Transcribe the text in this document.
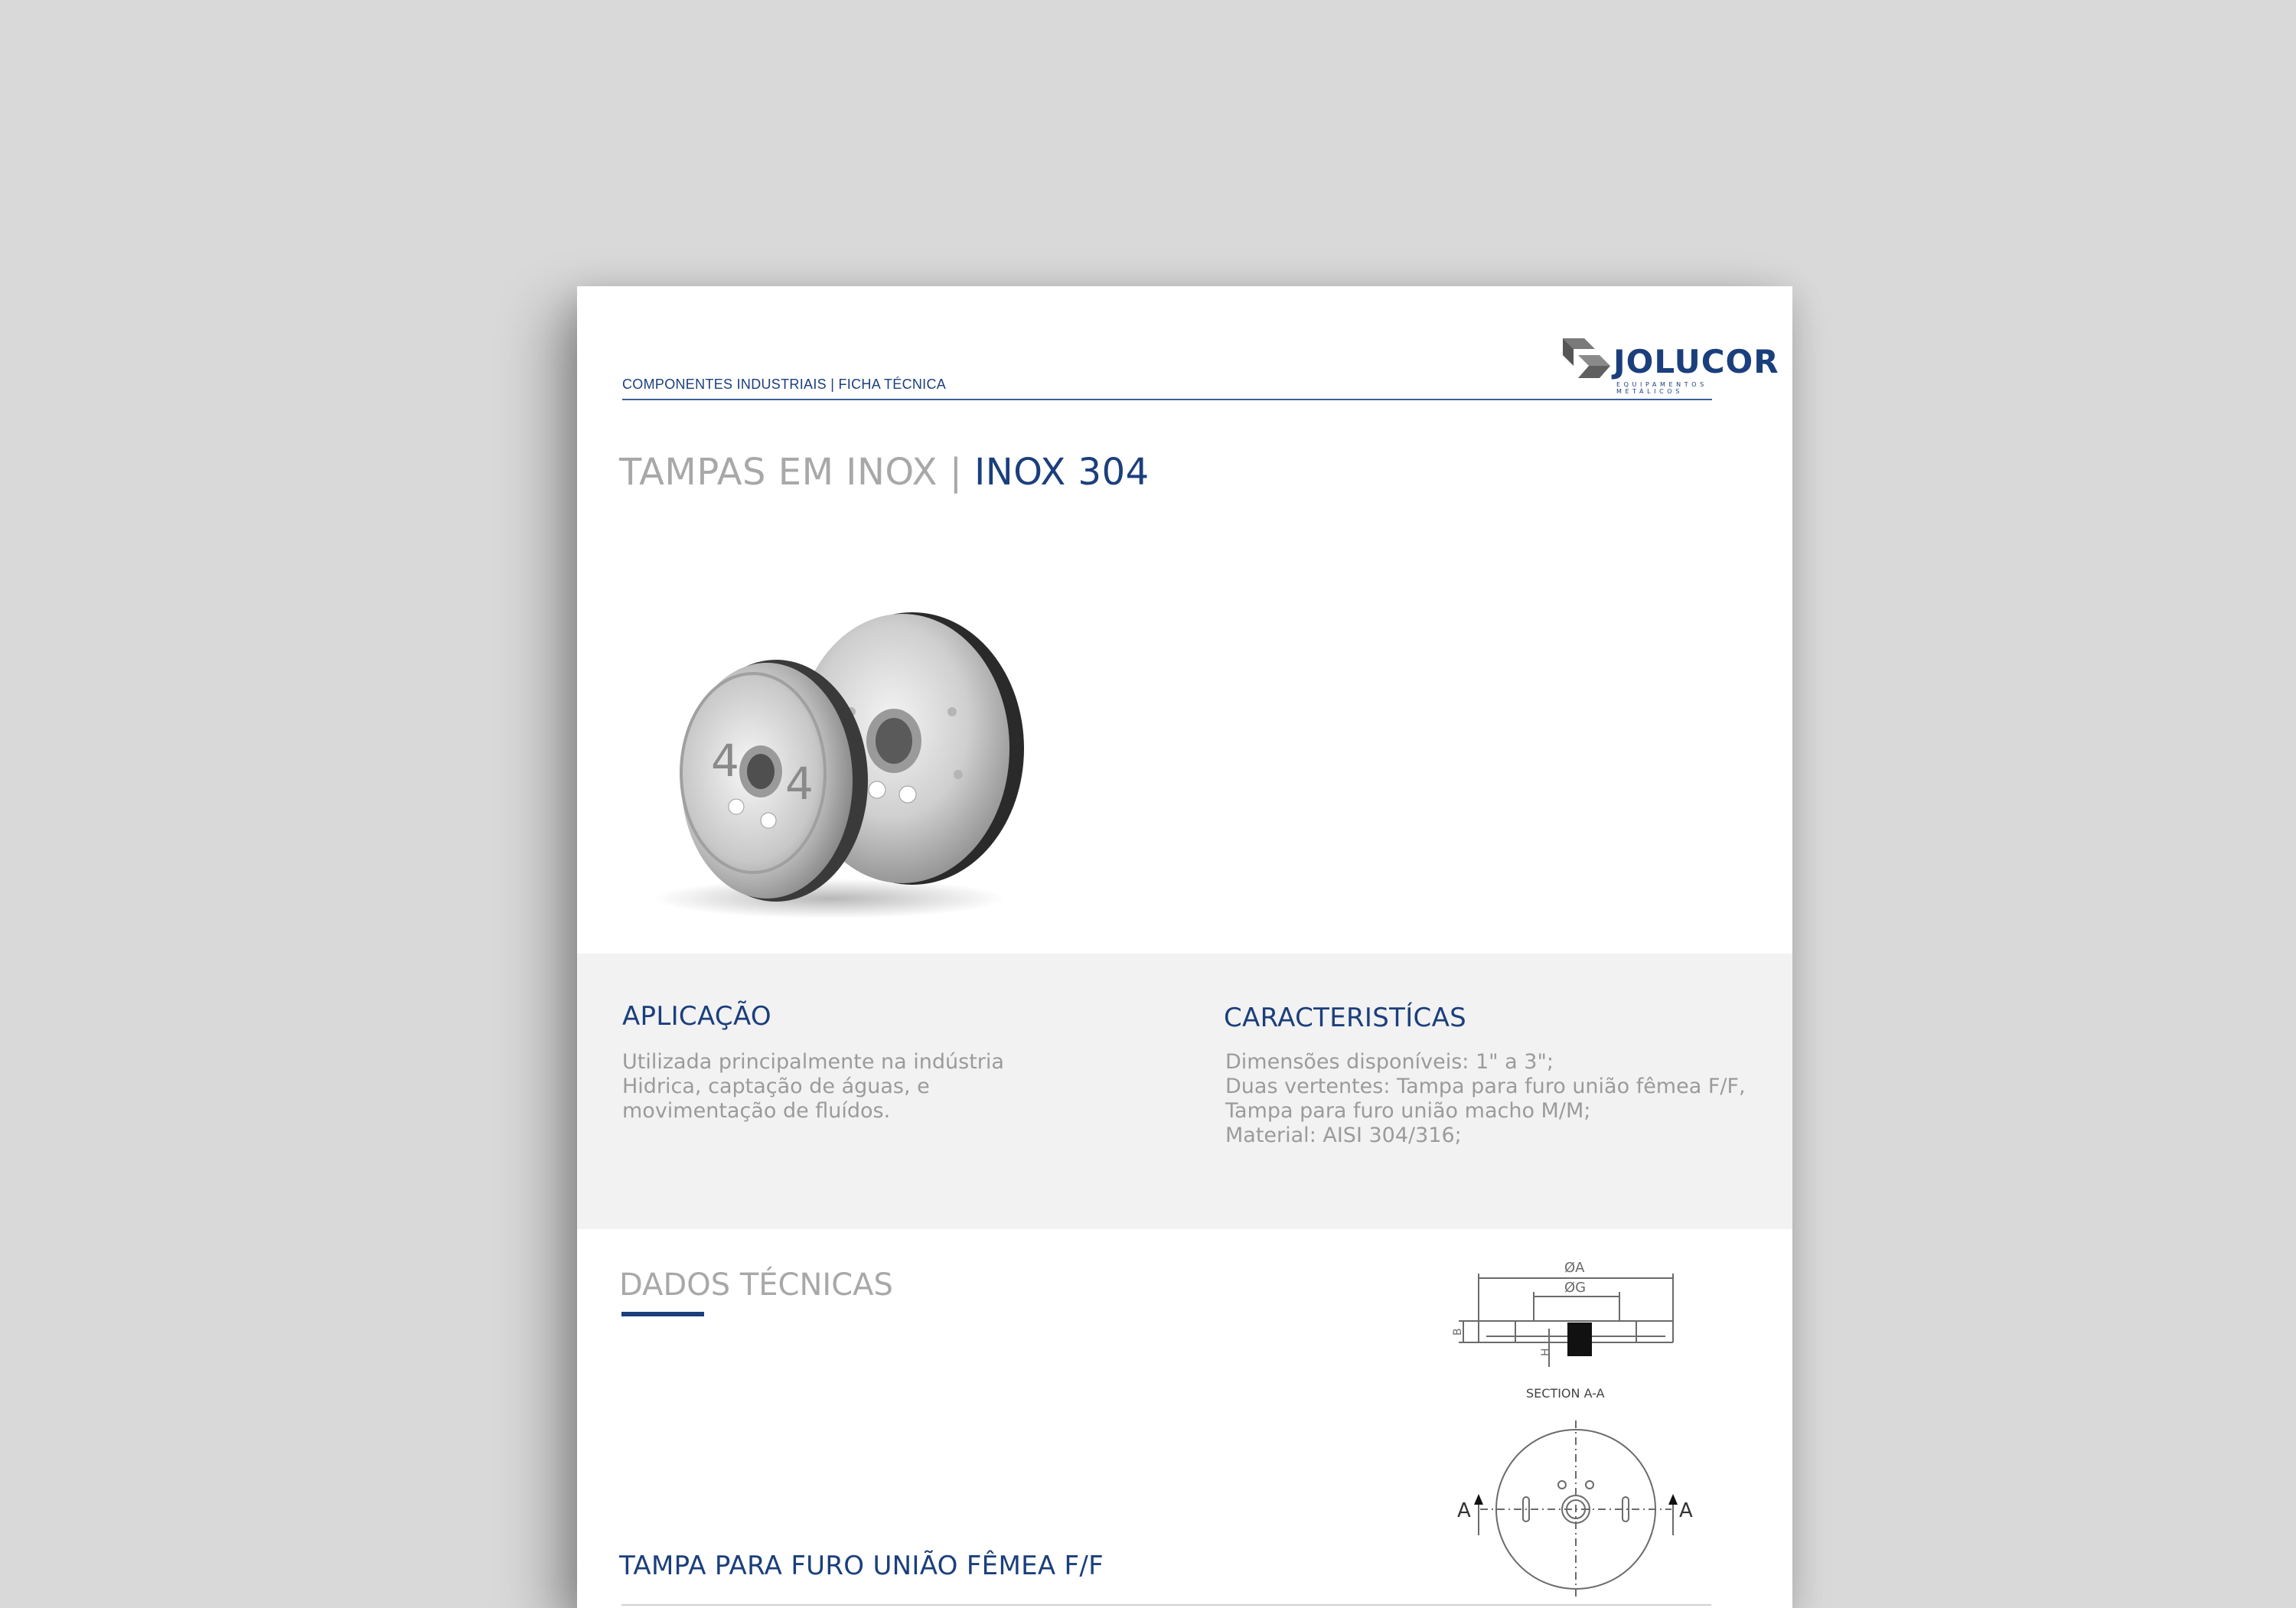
COMPONENTES INDUSTRIAIS | FICHA TÉCNICA
JOLUCOR
EQUIPAMENTOS METÁLICOS
TAMPAS EM INOX | INOX 304
4 4
APLICAÇÃO
Utilizada principalmente na indústria
Hidrica, captação de águas, e
movimentação de fluídos.
CARACTERISTÍCAS
Dimensões disponíveis: 1" a 3";
Duas vertentes: Tampa para furo união fêmea F/F,
Tampa para furo união macho M/M;
Material: AISI 304/316;
DADOS TÉCNICAS	ØA
ØG
B
H
SECTION A-A
A	A
TAMPA PARA FURO UNIÃO FÊMEA F/F
